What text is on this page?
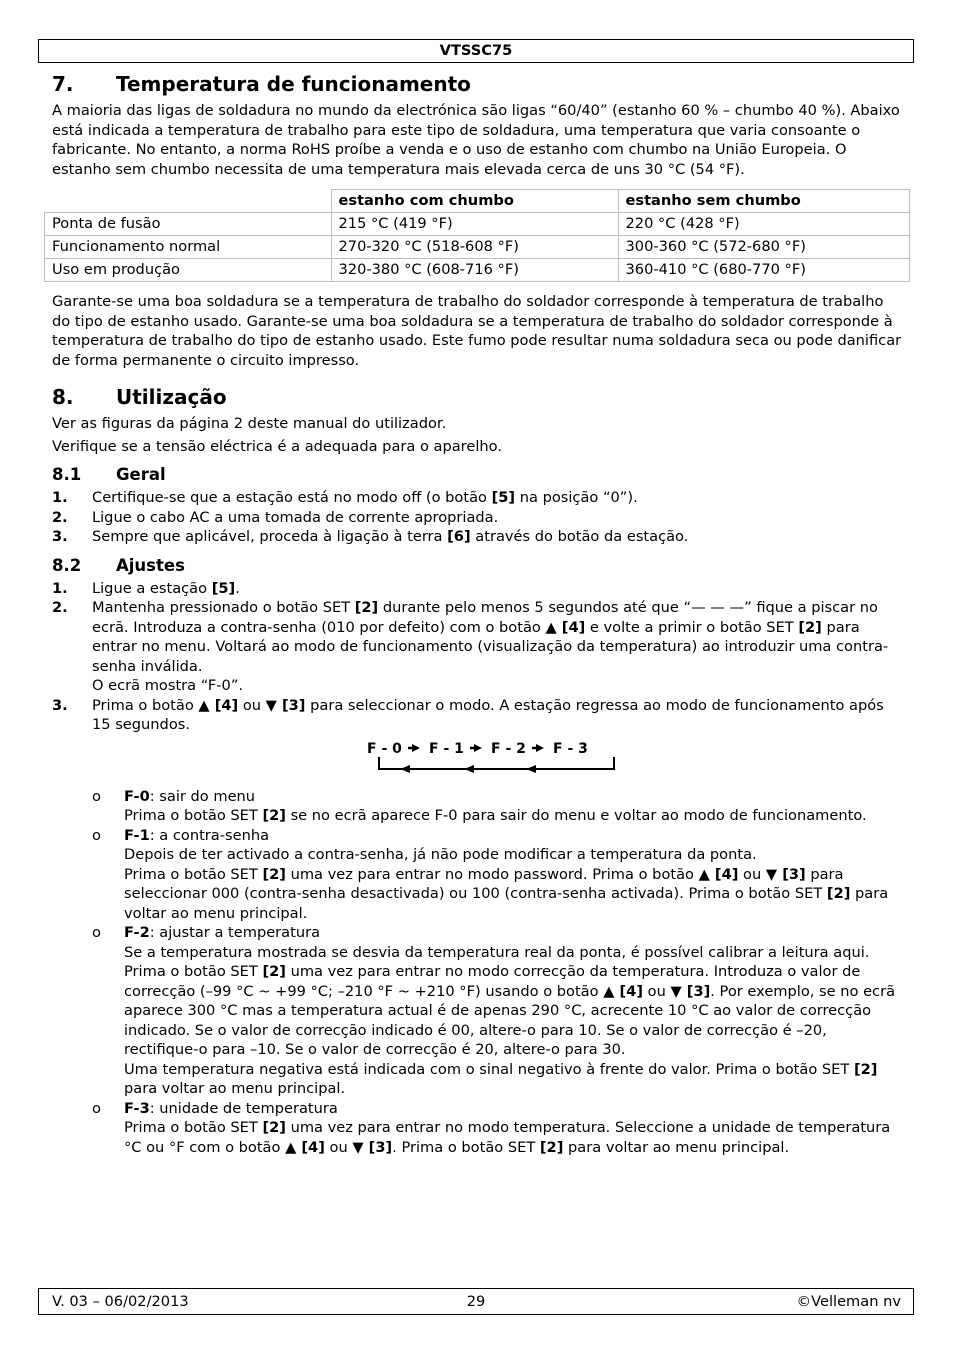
VTSSC75
7. Temperatura de funcionamento

A maioria das ligas de soldadura no mundo da electrónica são ligas “60/40” (estanho 60 % – chumbo 40 %). Abaixo está indicada a temperatura de trabalho para este tipo de soldadura, uma temperatura que varia consoante o fabricante. No entanto, a norma RoHS proíbe a venda e o uso de estanho com chumbo na União Europeia. O estanho sem chumbo necessita de uma temperatura mais elevada cerca de uns 30 °C (54 °F).

	estanho com chumbo	estanho sem chumbo
Ponta de fusão	215 °C (419 °F)	220 °C (428 °F)
Funcionamento normal	270-320 °C (518-608 °F)	300-360 °C (572-680 °F)
Uso em produção	320-380 °C (608-716 °F)	360-410 °C (680-770 °F)

Garante-se uma boa soldadura se a temperatura de trabalho do soldador corresponde à temperatura de trabalho do tipo de estanho usado. Garante-se uma boa soldadura se a temperatura de trabalho do soldador corresponde à temperatura de trabalho do tipo de estanho usado. Este fumo pode resultar numa soldadura seca ou pode danificar de forma permanente o circuito impresso.

8. Utilização

Ver as figuras da página 2 deste manual do utilizador.

Verifique se a tensão eléctrica é a adequada para o aparelho.

8.1 Geral
1. Certifique-se que a estação está no modo off (o botão [5] na posição “0”).
2. Ligue o cabo AC a uma tomada de corrente apropriada.
3. Sempre que aplicável, proceda à ligação à terra [6] através do botão da estação.
8.2 Ajustes
1. Ligue a estação [5].
2. Mantenha pressionado o botão SET [2] durante pelo menos 5 segundos até que “— — —” fique a piscar no ecrã. Introduza a contra-senha (010 por defeito) com o botão ▲ [4] e volte a primir o botão SET [2] para entrar no menu. Voltará ao modo de funcionamento (visualização da temperatura) ao introduzir uma contra-senha inválida.
O ecrã mostra “F-0”.
3. Prima o botão ▲ [4] ou ▼ [3] para seleccionar o modo. A estação regressa ao modo de funcionamento após 15 segundos.
F - 0 F - 1 F - 2 F - 3
o F-0: sair do menu
Prima o botão SET [2] se no ecrã aparece F-0 para sair do menu e voltar ao modo de funcionamento.
o F-1: a contra-senha
Depois de ter activado a contra-senha, já não pode modificar a temperatura da ponta.
Prima o botão SET [2] uma vez para entrar no modo password. Prima o botão ▲ [4] ou ▼ [3] para seleccionar 000 (contra-senha desactivada) ou 100 (contra-senha activada). Prima o botão SET [2] para voltar ao menu principal.
o F-2: ajustar a temperatura
Se a temperatura mostrada se desvia da temperatura real da ponta, é possível calibrar a leitura aqui.
Prima o botão SET [2] uma vez para entrar no modo correcção da temperatura. Introduza o valor de correcção (–99 °C ~ +99 °C; –210 °F ~ +210 °F) usando o botão ▲ [4] ou ▼ [3]. Por exemplo, se no ecrã aparece 300 °C mas a temperatura actual é de apenas 290 °C, acrecente 10 °C ao valor de correcção indicado. Se o valor de correcção indicado é 00, altere-o para 10. Se o valor de correcção é –20, rectifique-o para –10. Se o valor de correcção é 20, altere-o para 30.
Uma temperatura negativa está indicada com o sinal negativo à frente do valor. Prima o botão SET [2] para voltar ao menu principal.
o F-3: unidade de temperatura
Prima o botão SET [2] uma vez para entrar no modo temperatura. Seleccione a unidade de temperatura °C ou °F com o botão ▲ [4] ou ▼ [3]. Prima o botão SET [2] para voltar ao menu principal.
V. 03 – 06/02/2013	29	©Velleman nv
